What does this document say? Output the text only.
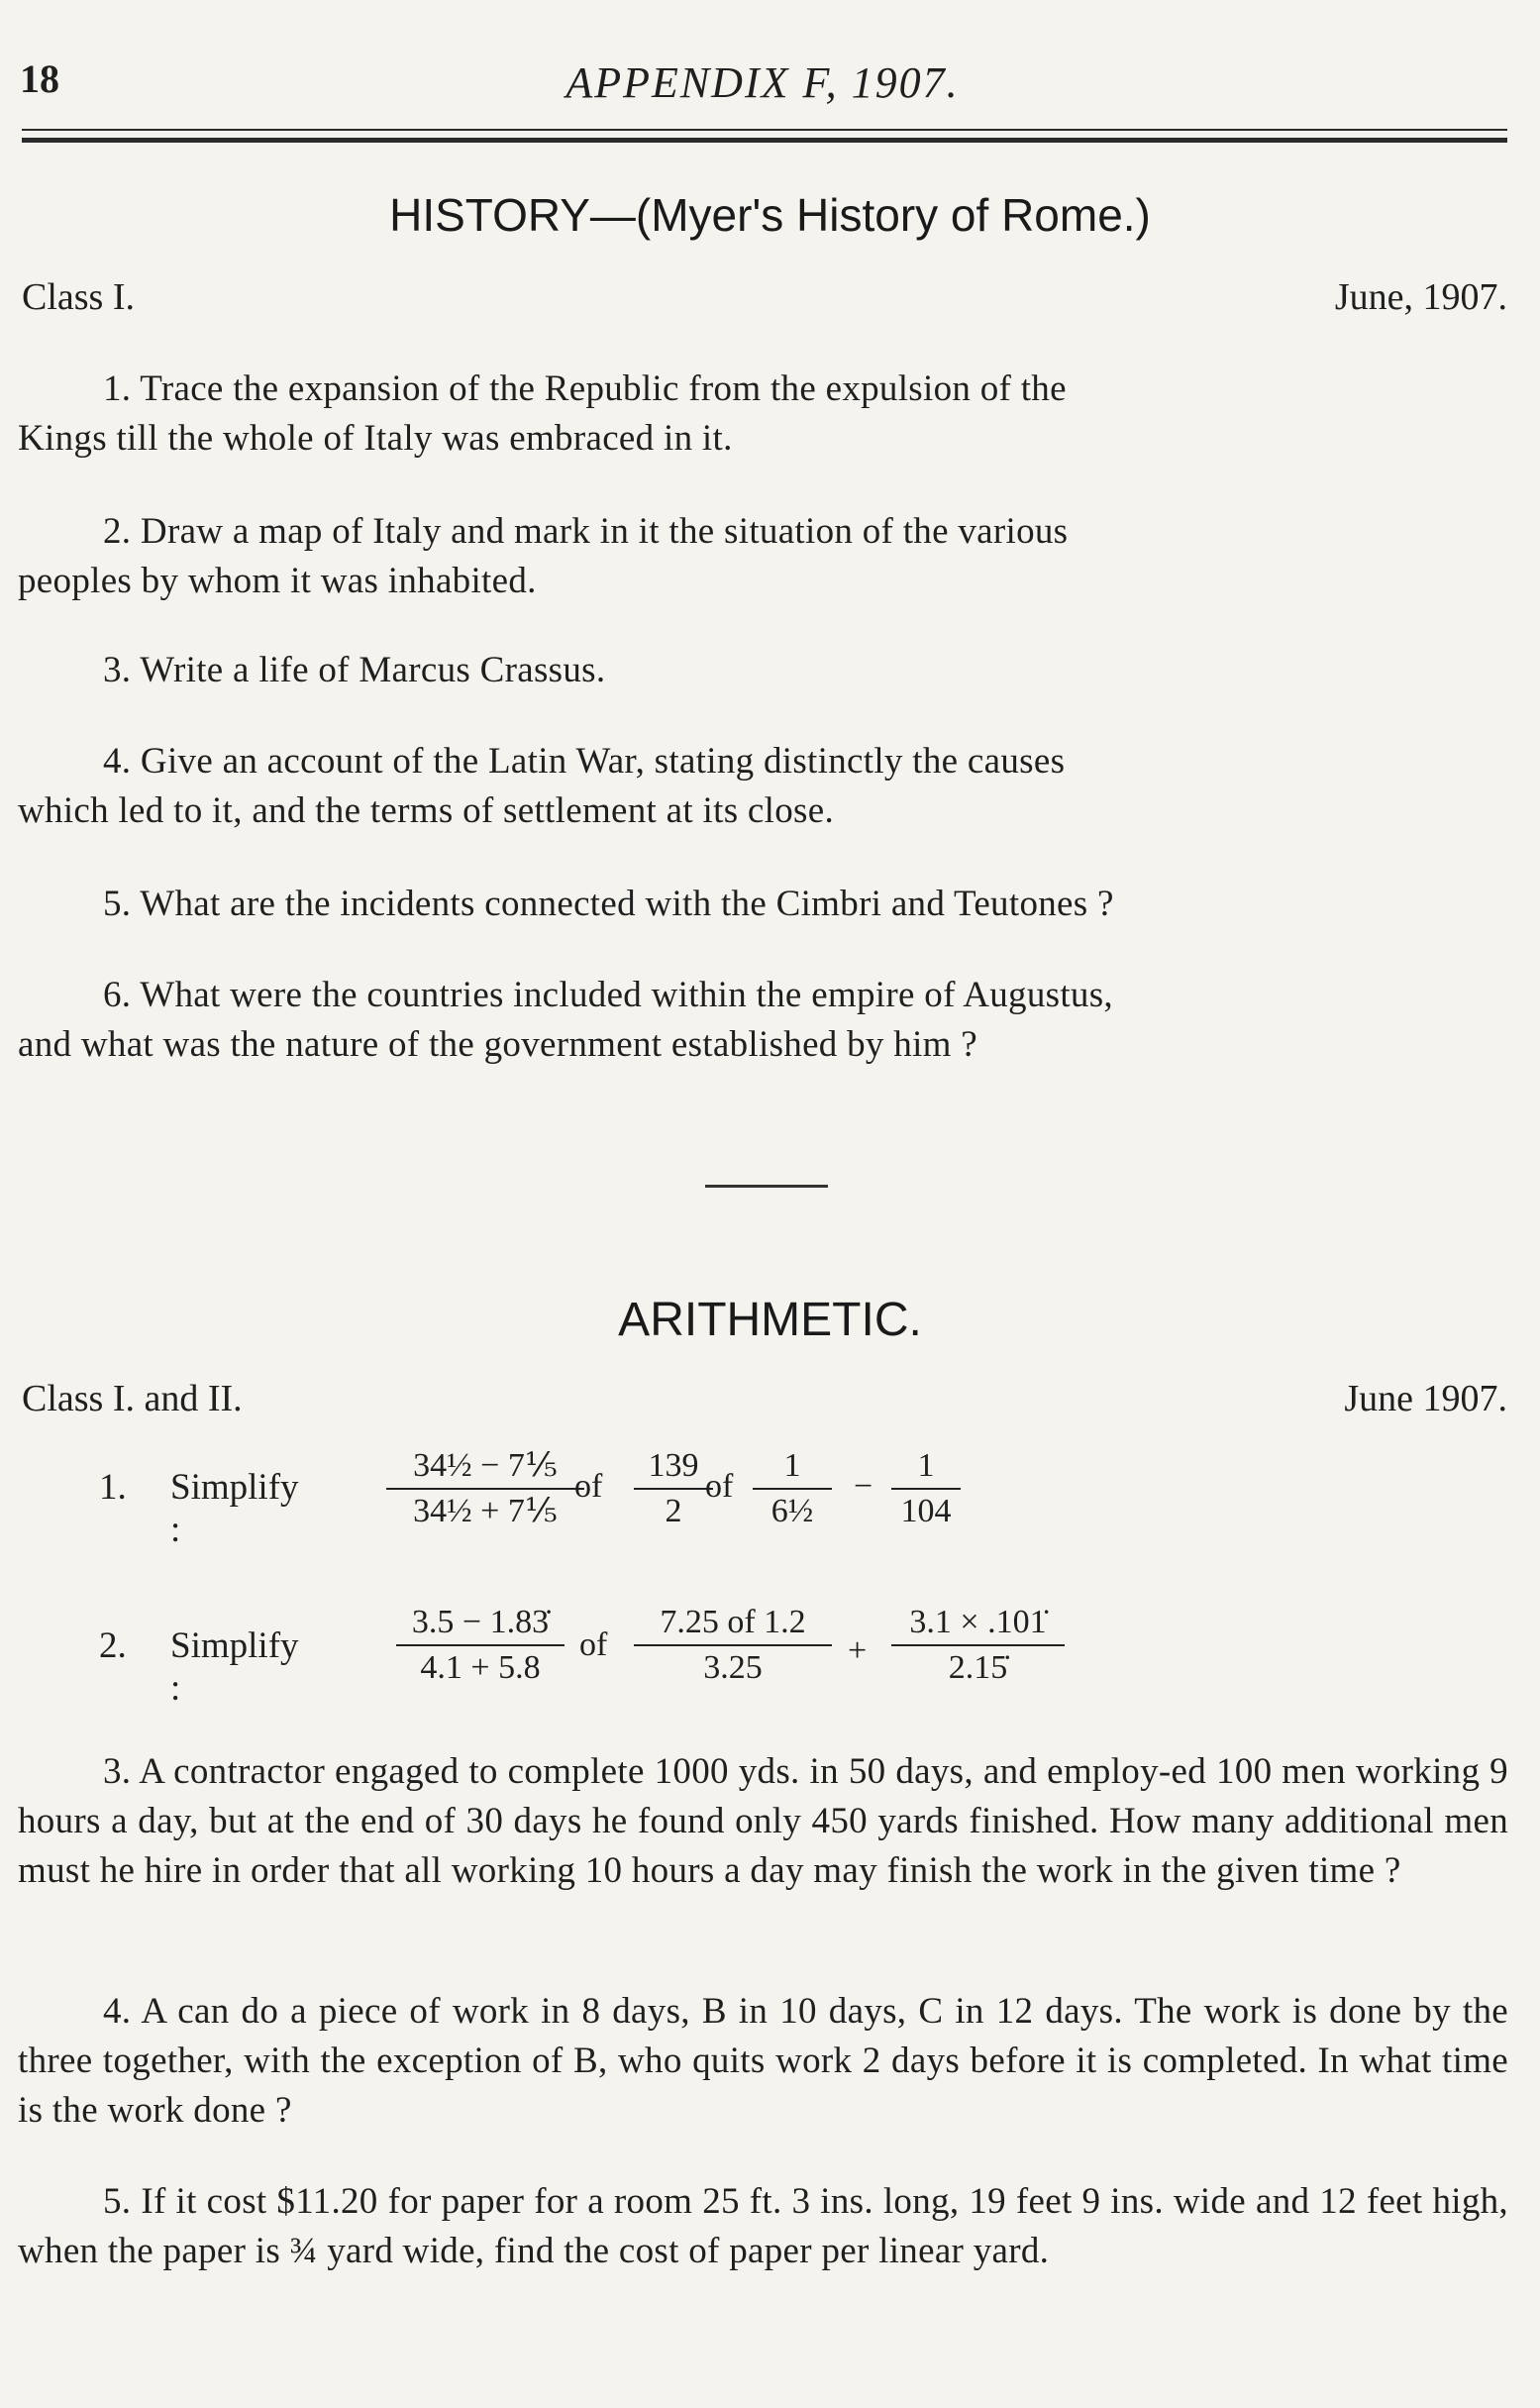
18	APPENDIX F, 1907.
HISTORY—(Myer's History of Rome.)
Class I.	June, 1907.
1. Trace the expansion of the Republic from the expulsion of the
Kings till the whole of Italy was embraced in it.
2. Draw a map of Italy and mark in it the situation of the various
peoples by whom it was inhabited.
3. Write a life of Marcus Crassus.
4. Give an account of the Latin War, stating distinctly the causes
which led to it, and the terms of settlement at its close.
5. What are the incidents connected with the Cimbri and Teutones ?
6. What were the countries included within the empire of Augustus,
and what was the nature of the government established by him ?
ARITHMETIC.
Class I. and II.	June 1907.
1. Simplify :	$\frac{\text{34½ − 7⅕}}{\text{34½ + 7⅕}}$
of $\frac{139}{2}$
of $\frac{1}{\text{6½}} - \frac{1}{104}$
2. Simplify :
$\frac{3.5 - 1.83̇}{4.1 + 5.8}$ of $\frac{7.25 of 1.2}{3.25} + \frac{3.1 \times .101̇}{2.15̇}$
3. A contractor engaged to complete 1000 yds. in 50 days, and employ-ed 100 men working 9 hours a day, but at the end of 30 days he found only 450 yards finished. How many additional men must he hire in order that all working 10 hours a day may finish the work in the given time ?
4. A can do a piece of work in 8 days, B in 10 days, C in 12 days. The work is done by the three together, with the exception of B, who quits work 2 days before it is completed. In what time is the work done ?
5. If it cost $11.20 for paper for a room 25 ft. 3 ins. long, 19 feet 9 ins. wide and 12 feet high, when the paper is ¾ yard wide, find the cost of paper per linear yard.
